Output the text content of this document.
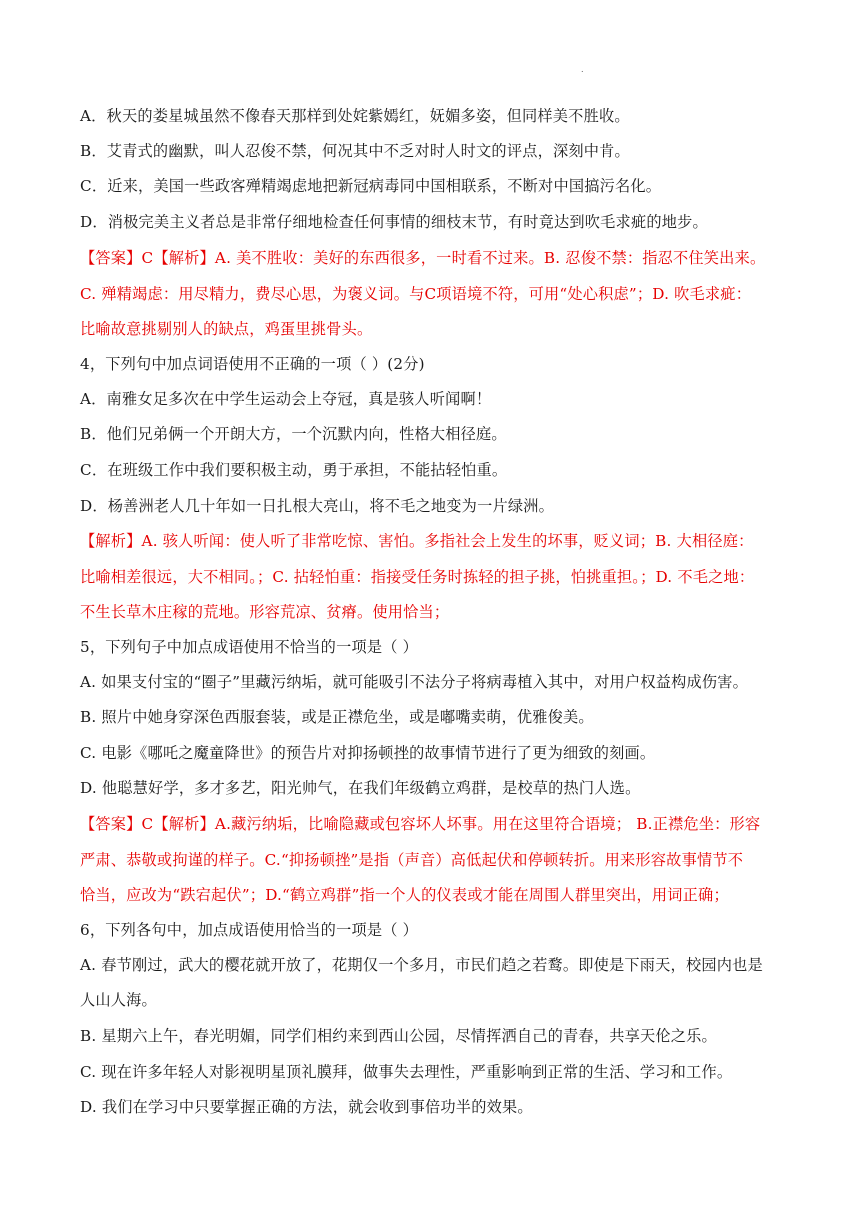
.
A．秋天的娄星城虽然不像春天那样到处姹紫嫣红，妩媚多姿，但同样美不胜收。
B．艾青式的幽默，叫人忍俊不禁，何况其中不乏对时人时文的评点，深刻中肯。
C．近来，美国一些政客殚精竭虑地把新冠病毒同中国相联系，不断对中国搞污名化。
D．消极完美主义者总是非常仔细地检查任何事情的细枝末节，有时竟达到吹毛求疵的地步。
【答案】C【解析】A. 美不胜收：美好的东西很多，一时看不过来。B. 忍俊不禁：指忍不住笑出来。
C. 殚精竭虑：用尽精力，费尽心思，为褒义词。与C项语境不符，可用“处心积虑”；D. 吹毛求疵：
比喻故意挑剔别人的缺点，鸡蛋里挑骨头。
4，下列句中加点词语使用不正确的一项（ ）(2分)
A．南雅女足多次在中学生运动会上夺冠，真是骇人听闻啊！
B．他们兄弟俩一个开朗大方，一个沉默内向，性格大相径庭。
C．在班级工作中我们要积极主动，勇于承担，不能拈轻怕重。
D．杨善洲老人几十年如一日扎根大亮山，将不毛之地变为一片绿洲。
【解析】A. 骇人听闻：使人听了非常吃惊、害怕。多指社会上发生的坏事，贬义词；B. 大相径庭：
比喻相差很远，大不相同。；C. 拈轻怕重：指接受任务时拣轻的担子挑，怕挑重担。；D. 不毛之地：
不生长草木庄稼的荒地。形容荒凉、贫瘠。使用恰当；
5，下列句子中加点成语使用不恰当的一项是（ ）
A. 如果支付宝的“圈子”里藏污纳垢，就可能吸引不法分子将病毒植入其中，对用户权益构成伤害。
B. 照片中她身穿深色西服套装，或是正襟危坐，或是嘟嘴卖萌，优雅俊美。
C. 电影《哪吒之魔童降世》的预告片对抑扬顿挫的故事情节进行了更为细致的刻画。
D. 他聪慧好学，多才多艺，阳光帅气，在我们年级鹤立鸡群，是校草的热门人选。
【答案】C【解析】A.藏污纳垢，比喻隐藏或包容坏人坏事。用在这里符合语境； B.正襟危坐：形容
严肃、恭敬或拘谨的样子。C.“抑扬顿挫”是指（声音）高低起伏和停顿转折。用来形容故事情节不
恰当，应改为“跌宕起伏”；D.“鹤立鸡群”指一个人的仪表或才能在周围人群里突出，用词正确；
6，下列各句中，加点成语使用恰当的一项是（ ）
A. 春节刚过，武大的樱花就开放了，花期仅一个多月，市民们趋之若鹜。即使是下雨天，校园内也是
人山人海。
B. 星期六上午，春光明媚，同学们相约来到西山公园，尽情挥洒自己的青春，共享天伦之乐。
C. 现在许多年轻人对影视明星顶礼膜拜，做事失去理性，严重影响到正常的生活、学习和工作。
D. 我们在学习中只要掌握正确的方法，就会收到事倍功半的效果。
